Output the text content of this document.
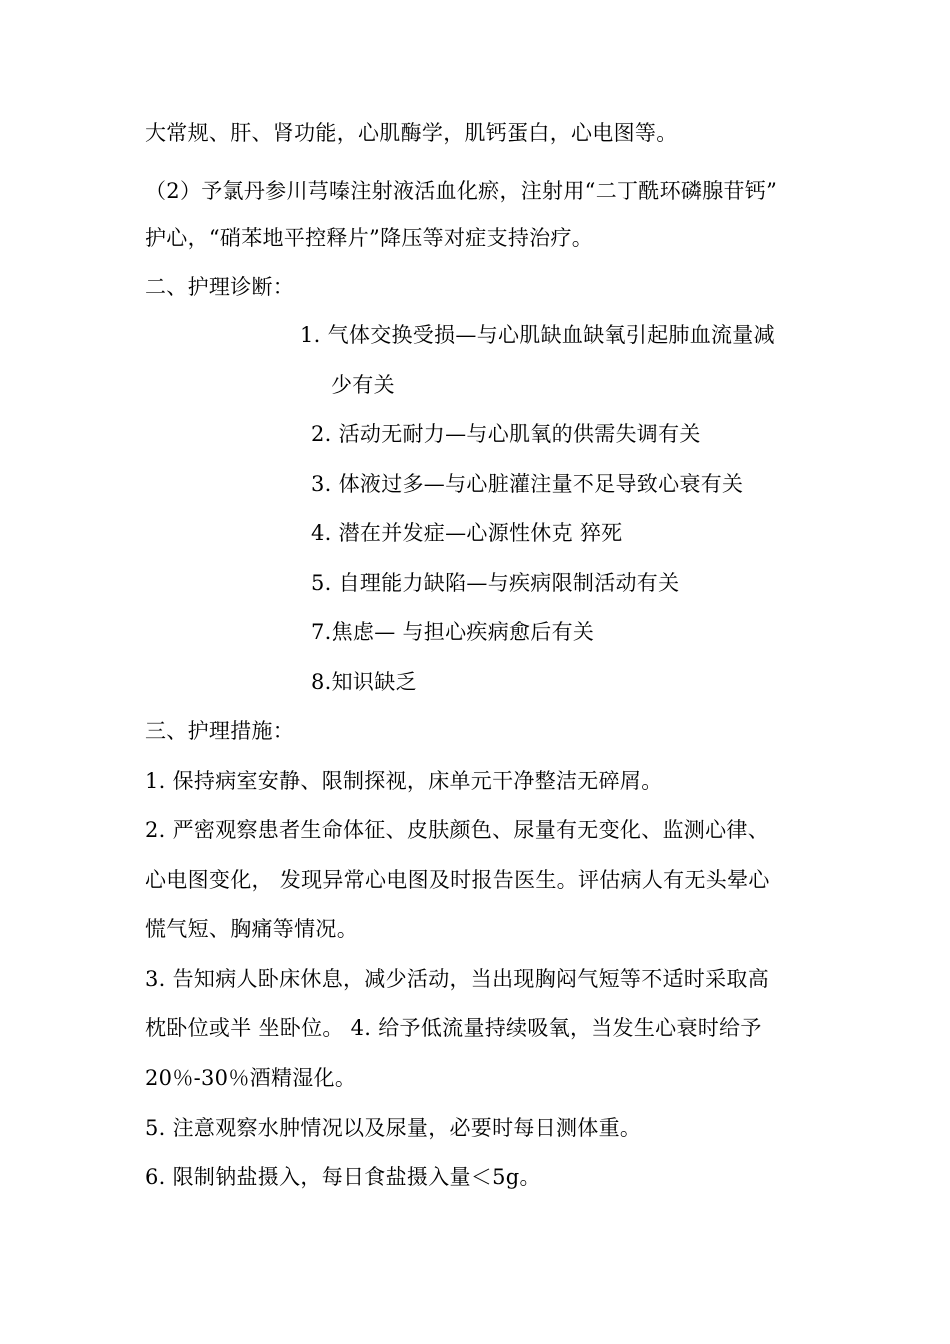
大常规、肝、肾功能，心肌酶学，肌钙蛋白，心电图等。
（2）予氯丹参川芎嗪注射液活血化瘀，注射用“二丁酰环磷腺苷钙”
护心，“硝苯地平控释片”降压等对症支持治疗。
二、护理诊断：
1. 气体交换受损—与心肌缺血缺氧引起肺血流量减
少有关
2. 活动无耐力—与心肌氧的供需失调有关
3. 体液过多—与心脏灌注量不足导致心衰有关
4. 潜在并发症—心源性休克 猝死
5. 自理能力缺陷—与疾病限制活动有关
7.焦虑— 与担心疾病愈后有关
8.知识缺乏
三、护理措施：
1. 保持病室安静、限制探视，床单元干净整洁无碎屑。
2. 严密观察患者生命体征、皮肤颜色、尿量有无变化、监测心律、
心电图变化， 发现异常心电图及时报告医生。评估病人有无头晕心
慌气短、胸痛等情况。
3. 告知病人卧床休息，减少活动，当出现胸闷气短等不适时采取高
枕卧位或半 坐卧位。 4. 给予低流量持续吸氧，当发生心衰时给予
20％-30％酒精湿化。
5. 注意观察水肿情况以及尿量，必要时每日测体重。
6. 限制钠盐摄入，每日食盐摄入量＜5g。
